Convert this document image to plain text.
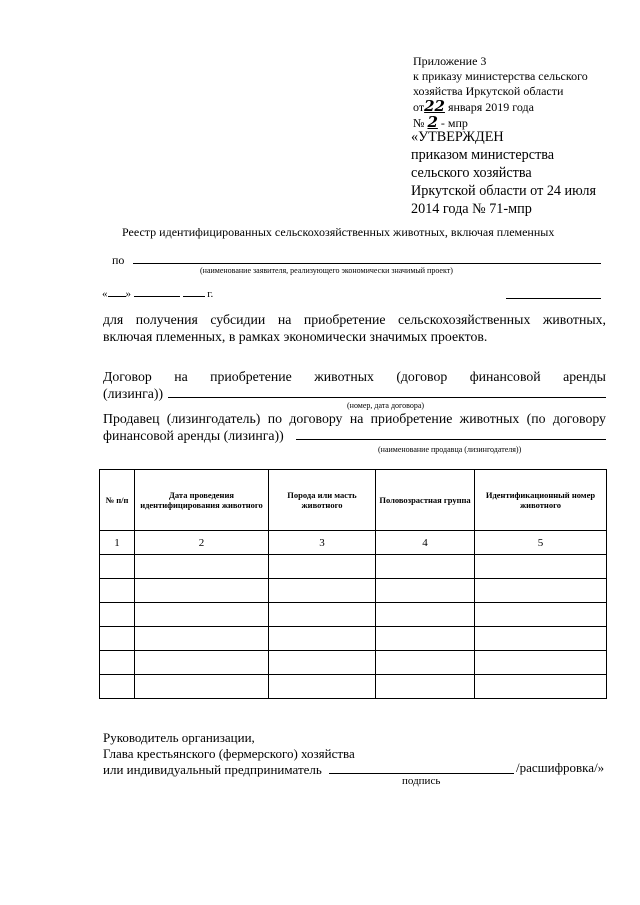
Приложение 3
к приказу министерства сельского
хозяйства Иркутской области
от22 января 2019 года
№ 2 - мпр
«УТВЕРЖДЕН
приказом министерства
сельского хозяйства
Иркутской области от 24 июля
2014 года № 71-мпр
Реестр идентифицированных сельскохозяйственных животных, включая племенных
по
(наименование заявителя, реализующего экономически значимый проект)
« »	г.
для получения субсидии на приобретение сельскохозяйственных животных,
включая племенных, в рамках экономически значимых проектов.
Договор на приобретение животных (договор финансовой аренды
(лизинга))
(номер, дата договора)
Продавец (лизингодатель) по договору на приобретение животных (по договору
финансовой аренды (лизинга))
(наименование продавца (лизингодателя))
№ п/п	Дата проведения идентифицирования животного	Порода или масть животного	Половозрастная группа	Идентификационный номер животного
1	2	3	4	5

Руководитель организации,
Глава крестьянского (фермерского) хозяйства
или индивидуальный предприниматель	/расшифровка/»
подпись
